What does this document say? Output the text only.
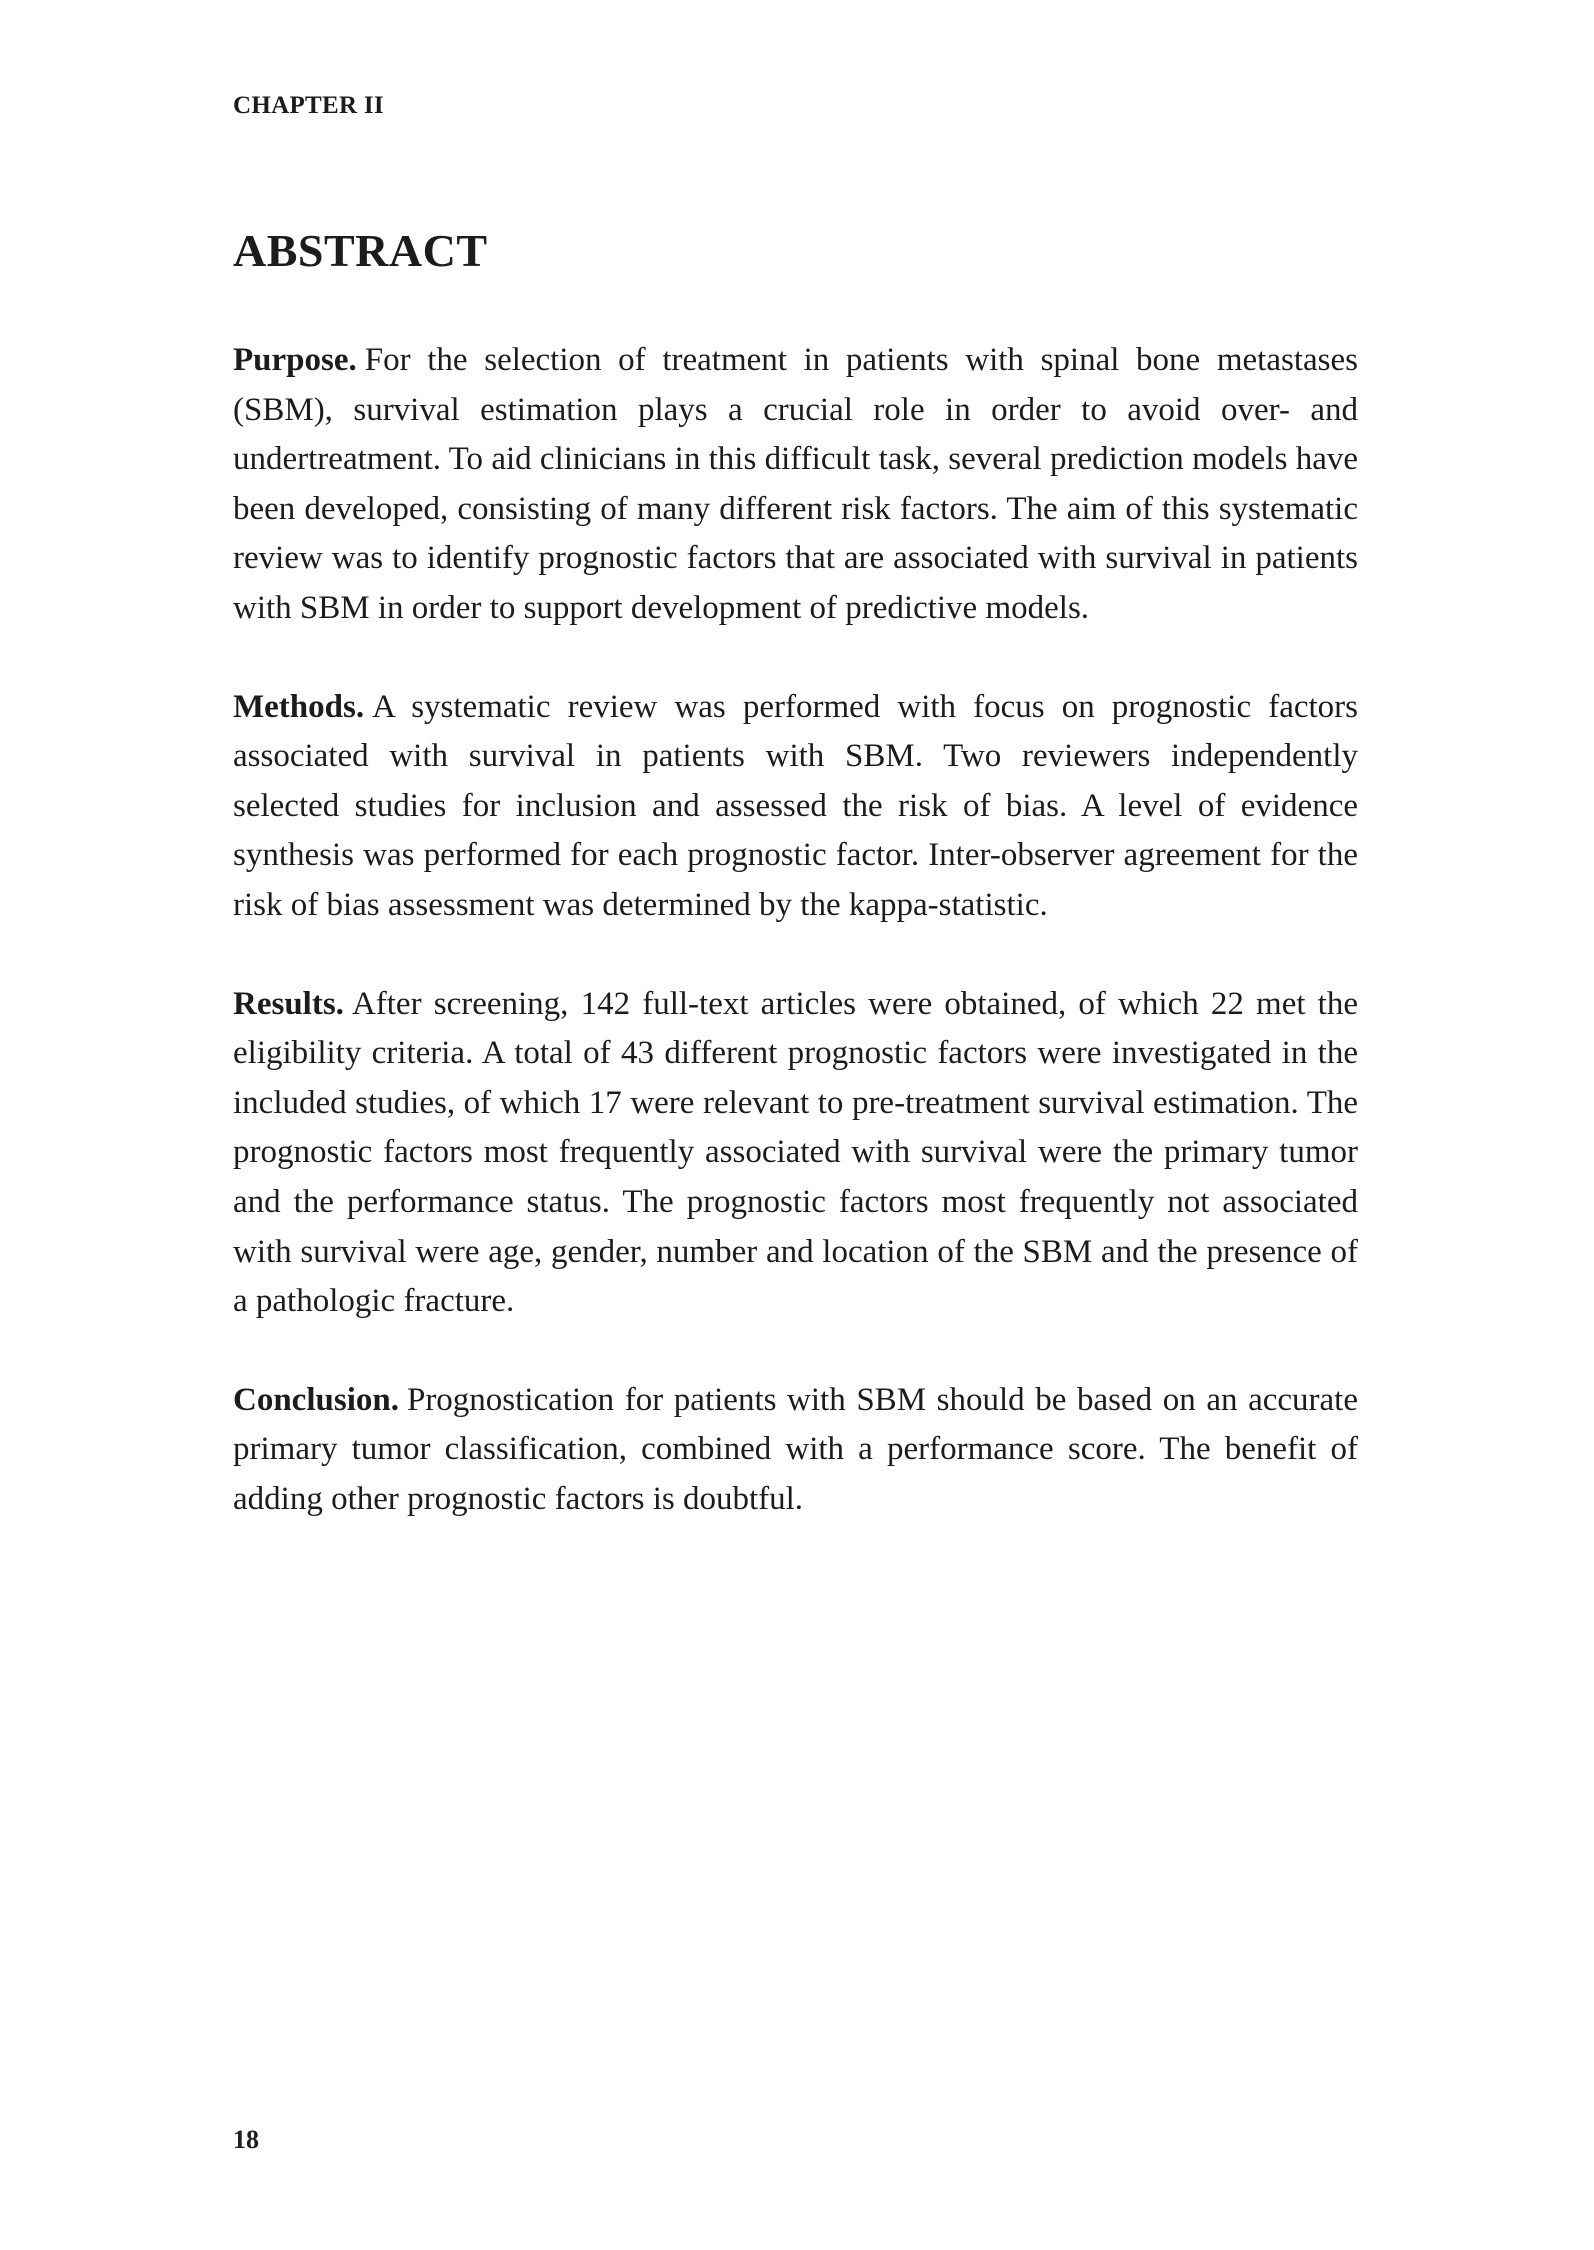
CHAPTER II

ABSTRACT

Purpose. For the selection of treatment in patients with spinal bone metastases (SBM), survival estimation plays a crucial role in order to avoid over- and undertreatment. To aid clinicians in this difficult task, several prediction models have been developed, consisting of many different risk factors. The aim of this systematic review was to identify prognostic factors that are associated with survival in patients with SBM in order to support development of predictive models.

Methods. A systematic review was performed with focus on prognostic factors associated with survival in patients with SBM. Two reviewers independently selected studies for inclusion and assessed the risk of bias. A level of evidence synthesis was performed for each prognostic factor. Inter-observer agreement for the risk of bias assessment was determined by the kappa-statistic.

Results. After screening, 142 full-text articles were obtained, of which 22 met the eligibility criteria. A total of 43 different prognostic factors were investigated in the included studies, of which 17 were relevant to pre-treatment survival estimation. The prognostic factors most frequently associated with survival were the primary tumor and the performance status. The prognostic factors most frequently not associated with survival were age, gender, number and location of the SBM and the presence of a pathologic fracture.

Conclusion. Prognostication for patients with SBM should be based on an accurate primary tumor classification, combined with a performance score. The benefit of adding other prognostic factors is doubtful.

18
